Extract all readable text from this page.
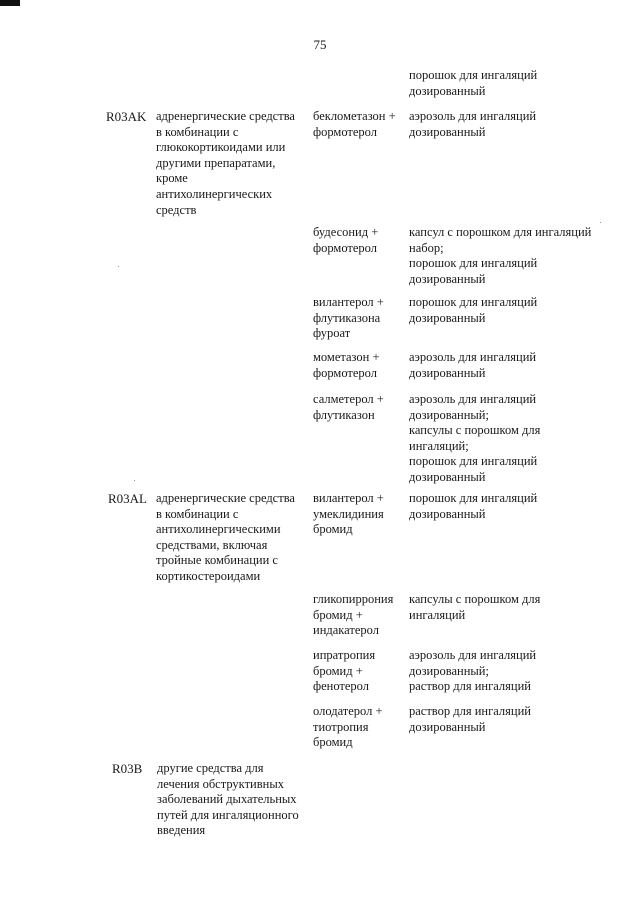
75

порошок для ингаляций
дозированный

R03AK адренергические средства
в комбинации с
глюкокортикоидами или
другими препаратами,
кроме
антихолинергических
средств

беклометазон +
формотерол

аэрозоль для ингаляций
дозированный

будесонид +
формотерол

капсул с порошком для ингаляций
набор;
порошок для ингаляций
дозированный

вилантерол +
флутиказона
фуроат

порошок для ингаляций
дозированный

мометазон +
формотерол

аэрозоль для ингаляций
дозированный

салметерол +
флутиказон

аэрозоль для ингаляций
дозированный;
капсулы с порошком для
ингаляций;
порошок для ингаляций
дозированный

R03AL адренергические средства
в комбинации с
антихолинергическими
средствами, включая
тройные комбинации с
кортикостероидами

вилантерол +
умеклидиния
бромид

порошок для ингаляций
дозированный

гликопиррония
бромид +
индакатерол

капсулы с порошком для
ингаляций

ипратропия
бромид +
фенотерол

аэрозоль для ингаляций
дозированный;
раствор для ингаляций

олодатерол +
тиотропия
бромид

раствор для ингаляций
дозированный

R03B другие средства для
лечения обструктивных
заболеваний дыхательных
путей для ингаляционного
введения
